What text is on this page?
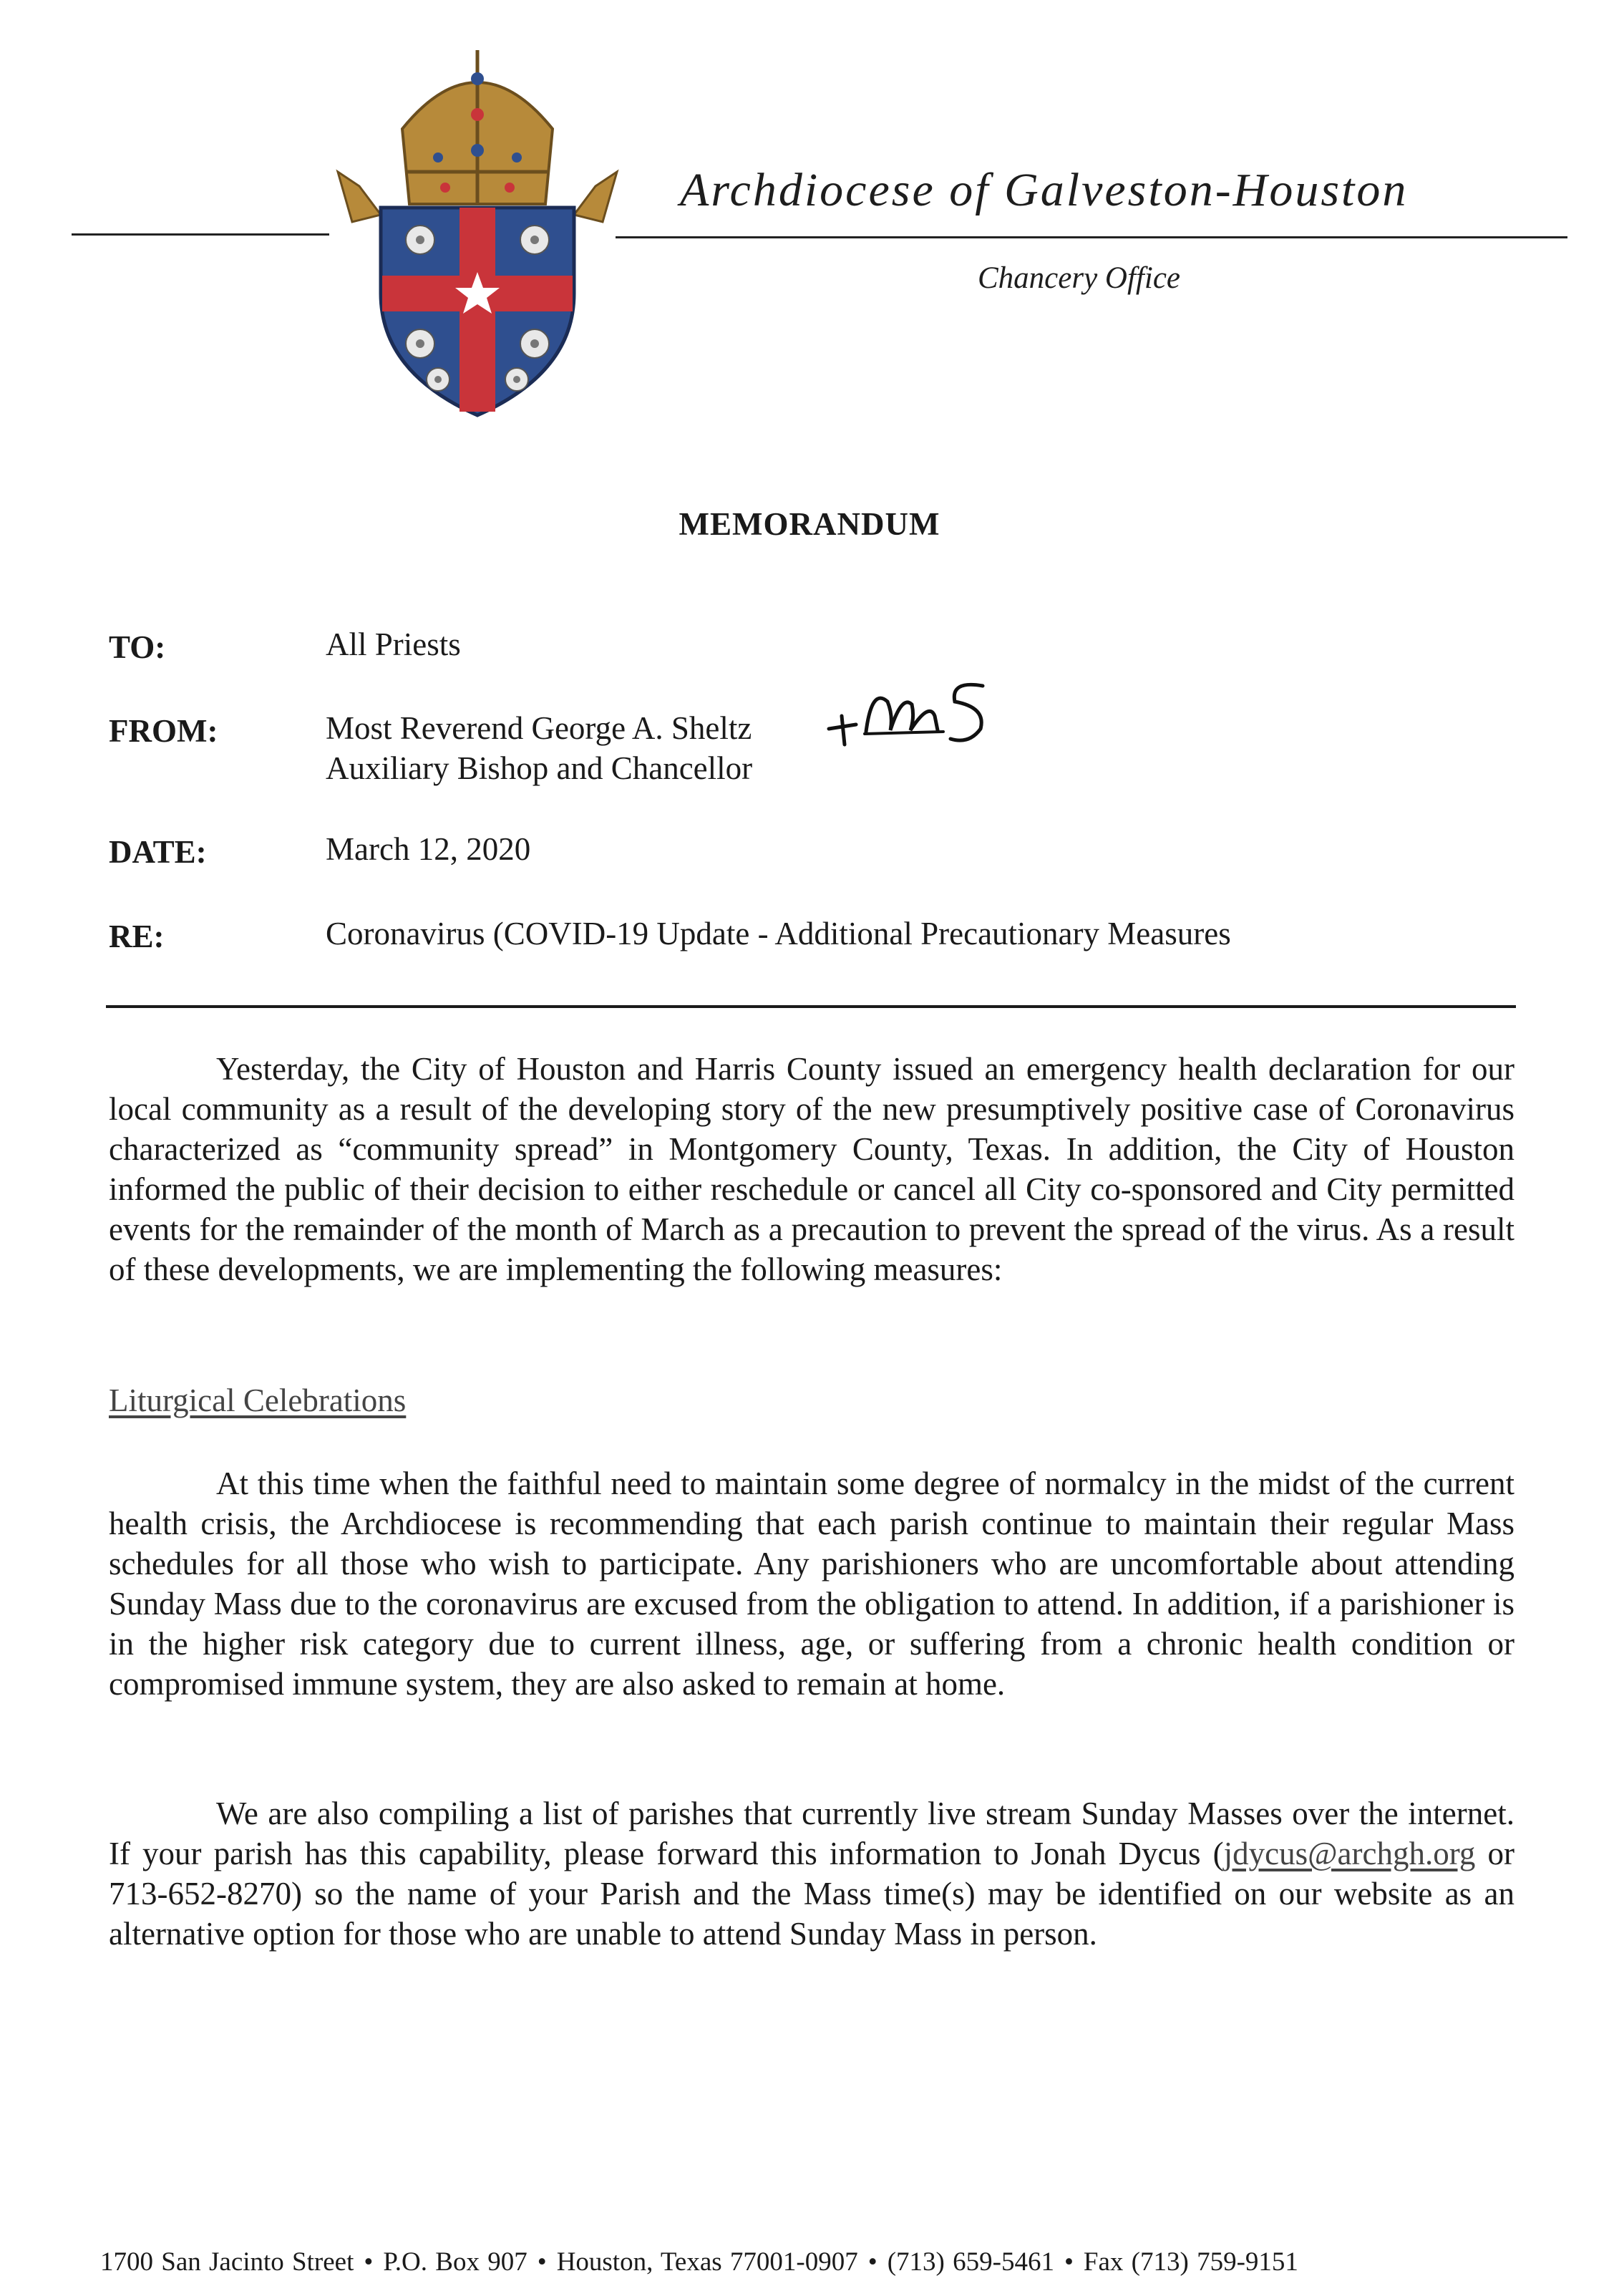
Archdiocese of Galveston-Houston
Chancery Office
MEMORANDUM
TO:	All Priests
FROM:	Most Reverend George A. Sheltz
Auxiliary Bishop and Chancellor
DATE:	March 12, 2020
RE:	Coronavirus (COVID-19 Update - Additional Precautionary Measures

Yesterday, the City of Houston and Harris County issued an emergency health declaration for our local community as a result of the developing story of the new presumptively positive case of Coronavirus characterized as “community spread” in Montgomery County, Texas. In addition, the City of Houston informed the public of their decision to either reschedule or cancel all City co-sponsored and City permitted events for the remainder of the month of March as a precaution to prevent the spread of the virus. As a result of these developments, we are implementing the following measures:

Liturgical Celebrations

At this time when the faithful need to maintain some degree of normalcy in the midst of the current health crisis, the Archdiocese is recommending that each parish continue to maintain their regular Mass schedules for all those who wish to participate. Any parishioners who are uncomfortable about attending Sunday Mass due to the coronavirus are excused from the obligation to attend. In addition, if a parishioner is in the higher risk category due to current illness, age, or suffering from a chronic health condition or compromised immune system, they are also asked to remain at home.

We are also compiling a list of parishes that currently live stream Sunday Masses over the internet. If your parish has this capability, please forward this information to Jonah Dycus (jdycus@archgh.org or 713-652-8270) so the name of your Parish and the Mass time(s) may be identified on our website as an alternative option for those who are unable to attend Sunday Mass in person.

1700 San Jacinto Street • P.O. Box 907 • Houston, Texas 77001-0907 • (713) 659-5461 • Fax (713) 759-9151
